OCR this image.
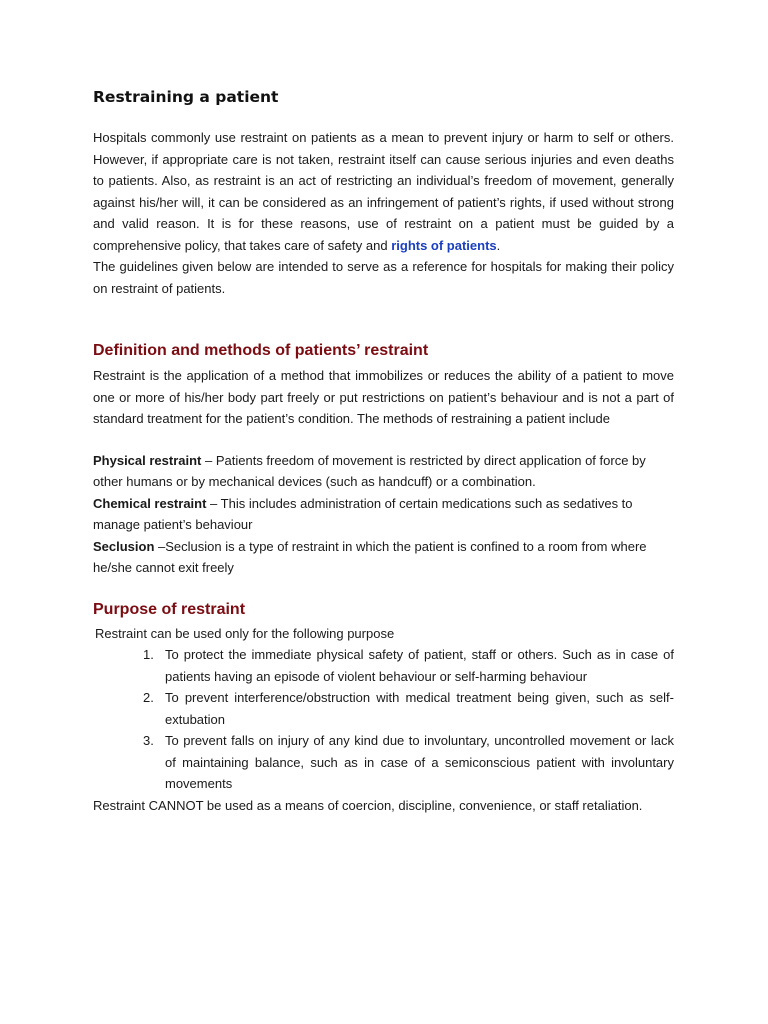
Restraining a patient

Hospitals commonly use restraint on patients as a mean to prevent injury or harm to self or others. However, if appropriate care is not taken, restraint itself can cause serious injuries and even deaths to patients. Also, as restraint is an act of restricting an individual’s freedom of movement, generally against his/her will, it can be considered as an infringement of patient’s rights, if used without strong and valid reason. It is for these reasons, use of restraint on a patient must be guided by a comprehensive policy, that takes care of safety and rights of patients.

The guidelines given below are intended to serve as a reference for hospitals for making their policy on restraint of patients.

Definition and methods of patients’ restraint

Restraint is the application of a method that immobilizes or reduces the ability of a patient to move one or more of his/her body part freely or put restrictions on patient’s behaviour and is not a part of standard treatment for the patient’s condition. The methods of restraining a patient include

Physical restraint – Patients freedom of movement is restricted by direct application of force by other humans or by mechanical devices (such as handcuff) or a combination.

Chemical restraint – This includes administration of certain medications such as sedatives to manage patient’s behaviour

Seclusion –Seclusion is a type of restraint in which the patient is confined to a room from where he/she cannot exit freely

Purpose of restraint

Restraint can be used only for the following purpose

1. To protect the immediate physical safety of patient, staff or others. Such as in case of patients having an episode of violent behaviour or self-harming behaviour
2. To prevent interference/obstruction with medical treatment being given, such as self-extubation
3. To prevent falls on injury of any kind due to involuntary, uncontrolled movement or lack of maintaining balance, such as in case of a semiconscious patient with involuntary movements

Restraint CANNOT be used as a means of coercion, discipline, convenience, or staff retaliation.
